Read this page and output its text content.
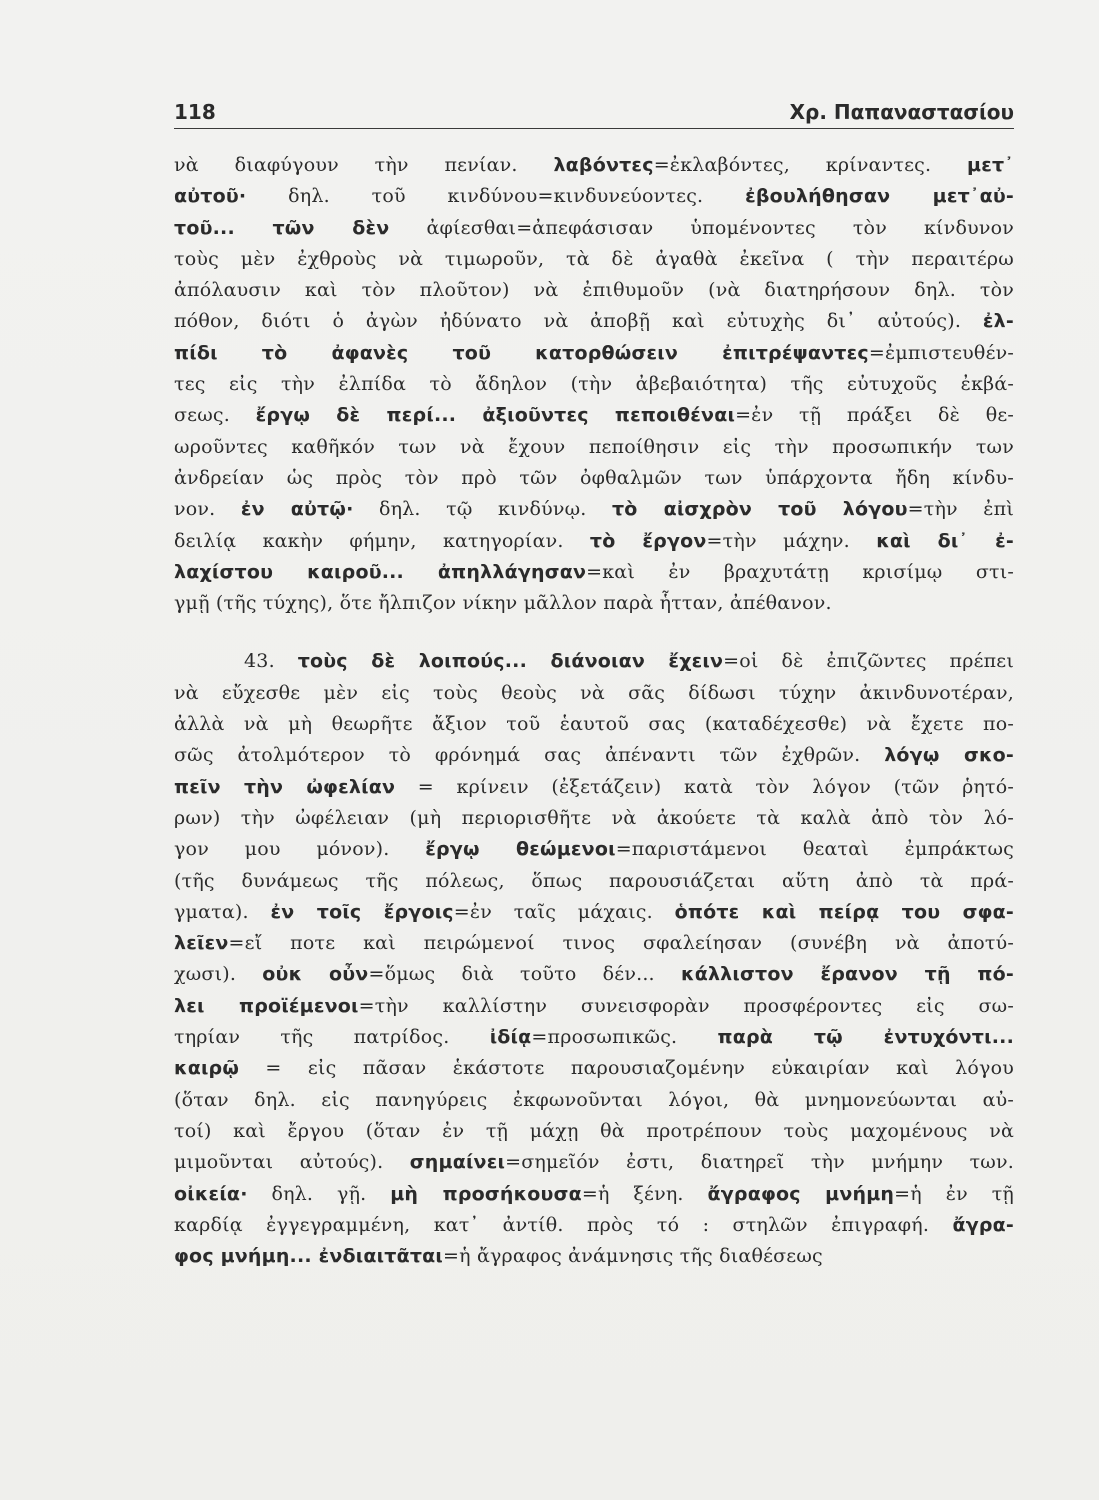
118	Χρ. Παπαναστασίου
νὰ διαφύγουν τὴν πενίαν. λαβόντες=ἐκλαβόντες, κρίναντες. μετ᾿
αὐτοῦ· δηλ. τοῦ κινδύνου=κινδυνεύοντες. ἐβουλήθησαν μετ᾿αὐ-
τοῦ... τῶν δὲν ἀφίεσθαι=ἀπεφάσισαν ὑπομένοντες τὸν κίνδυνον
τοὺς μὲν ἐχθροὺς νὰ τιμωροῦν, τὰ δὲ ἀγαθὰ ἐκεῖνα ( τὴν περαιτέρω
ἀπόλαυσιν καὶ τὸν πλοῦτον) νὰ ἐπιθυμοῦν (νὰ διατηρήσουν δηλ. τὸν
πόθον, διότι ὁ ἀγὼν ἠδύνατο νὰ ἀποβῇ καὶ εὐτυχὴς δι᾿ αὐτούς). ἐλ-
πίδι τὸ ἀφανὲς τοῦ κατορθώσειν ἐπιτρέψαντες=ἐμπιστευθέν-
τες εἰς τὴν ἐλπίδα τὸ ἄδηλον (τὴν ἀβεβαιότητα) τῆς εὐτυχοῦς ἐκβά-
σεως. ἔργῳ δὲ περί... ἀξιοῦντες πεποιθέναι=ἐν τῇ πράξει δὲ θε-
ωροῦντες καθῆκόν των νὰ ἔχουν πεποίθησιν εἰς τὴν προσωπικήν των
ἀνδρείαν ὡς πρὸς τὸν πρὸ τῶν ὀφθαλμῶν των ὑπάρχοντα ἤδη κίνδυ-
νον. ἐν αὐτῷ· δηλ. τῷ κινδύνῳ. τὸ αἰσχρὸν τοῦ λόγου=τὴν ἐπὶ
δειλίᾳ κακὴν φήμην, κατηγορίαν. τὸ ἔργον=τὴν μάχην. καὶ δι᾿ ἐ-
λαχίστου καιροῦ... ἀπηλλάγησαν=καὶ ἐν βραχυτάτῃ κρισίμῳ στι-
γμῇ (τῆς τύχης), ὅτε ἤλπιζον νίκην μᾶλλον παρὰ ἧτταν, ἀπέθανον.
43. τοὺς δὲ λοιπούς... διάνοιαν ἔχειν=οἱ δὲ ἐπιζῶντες πρέπει
νὰ εὔχεσθε μὲν εἰς τοὺς θεοὺς νὰ σᾶς δίδωσι τύχην ἀκινδυνοτέραν,
ἀλλὰ νὰ μὴ θεωρῆτε ἄξιον τοῦ ἑαυτοῦ σας (καταδέχεσθε) νὰ ἔχετε πο-
σῶς ἀτολμότερον τὸ φρόνημά σας ἀπέναντι τῶν ἐχθρῶν. λόγῳ σκο-
πεῖν τὴν ὠφελίαν = κρίνειν (ἐξετάζειν) κατὰ τὸν λόγον (τῶν ῥητό-
ρων) τὴν ὠφέλειαν (μὴ περιορισθῆτε νὰ ἀκούετε τὰ καλὰ ἀπὸ τὸν λό-
γον μου μόνον). ἔργῳ θεώμενοι=παριστάμενοι θεαταὶ ἐμπράκτως
(τῆς δυνάμεως τῆς πόλεως, ὅπως παρουσιάζεται αὕτη ἀπὸ τὰ πρά-
γματα). ἐν τοῖς ἔργοις=ἐν ταῖς μάχαις. ὁπότε καὶ πείρᾳ του σφα-
λεῖεν=εἴ ποτε καὶ πειρώμενοί τινος σφαλείησαν (συνέβη νὰ ἀποτύ-
χωσι). οὐκ οὖν=ὅμως διὰ τοῦτο δέν... κάλλιστον ἔρανον τῇ πό-
λει προϊέμενοι=τὴν καλλίστην συνεισφορὰν προσφέροντες εἰς σω-
τηρίαν τῆς πατρίδος. ἰδίᾳ=προσωπικῶς. παρὰ τῷ ἐντυχόντι...
καιρῷ = εἰς πᾶσαν ἑκάστοτε παρουσιαζομένην εὐκαιρίαν καὶ λόγου
(ὅταν δηλ. εἰς πανηγύρεις ἐκφωνοῦνται λόγοι, θὰ μνημονεύωνται αὐ-
τοί) καὶ ἔργου (ὅταν ἐν τῇ μάχῃ θὰ προτρέπουν τοὺς μαχομένους νὰ
μιμοῦνται αὐτούς). σημαίνει=σημεῖόν ἐστι, διατηρεῖ τὴν μνήμην των.
οἰκεία· δηλ. γῇ. μὴ προσήκουσα=ἡ ξένη. ἄγραφος μνήμη=ἡ ἐν τῇ
καρδίᾳ ἐγγεγραμμένη, κατ᾿ ἀντίθ. πρὸς τό : στηλῶν ἐπιγραφή. ἄγρα-
φος μνήμη... ἐνδιαιτᾶται=ἡ ἄγραφος ἀνάμνησις τῆς διαθέσεως
